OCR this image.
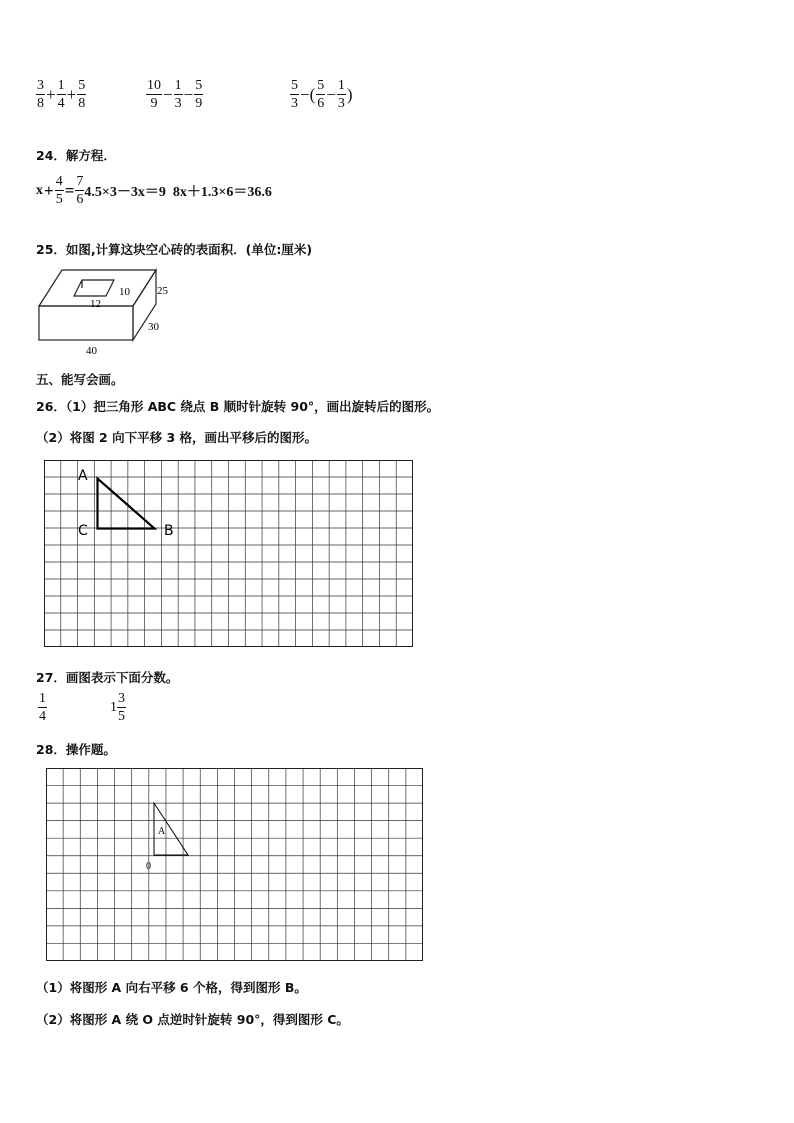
$\frac{3}{8} + \frac{1}{4} + \frac{5}{8}$	$\frac{10}{9} - \frac{1}{3} - \frac{5}{9}$	$\frac{5}{3}$ −( $\frac{5}{6} - \frac{1}{3}$ )
24．解方程．
$x + \frac{4}{5} = \frac{7}{6} 4.5\times 3-3x=9$  8x＋1.3×6＝36.6
25．如图,计算这块空心砖的表面积．(单位:厘米)
12
10 25
30
40
五、能写会画。
26．（1）把三角形 ABC 绕点 B 顺时针旋转 90°，画出旋转后的图形。
（2）将图 2 向下平移 3 格，画出平移后的图形。
A
C	B
27．画图表示下面分数。
$\frac{1}{4}$	$1 \frac{3}{5}$
28．操作题。
A
0
（1）将图形 A 向右平移 6 个格，得到图形 B。
（2）将图形 A 绕 O 点逆时针旋转 90°，得到图形 C。
